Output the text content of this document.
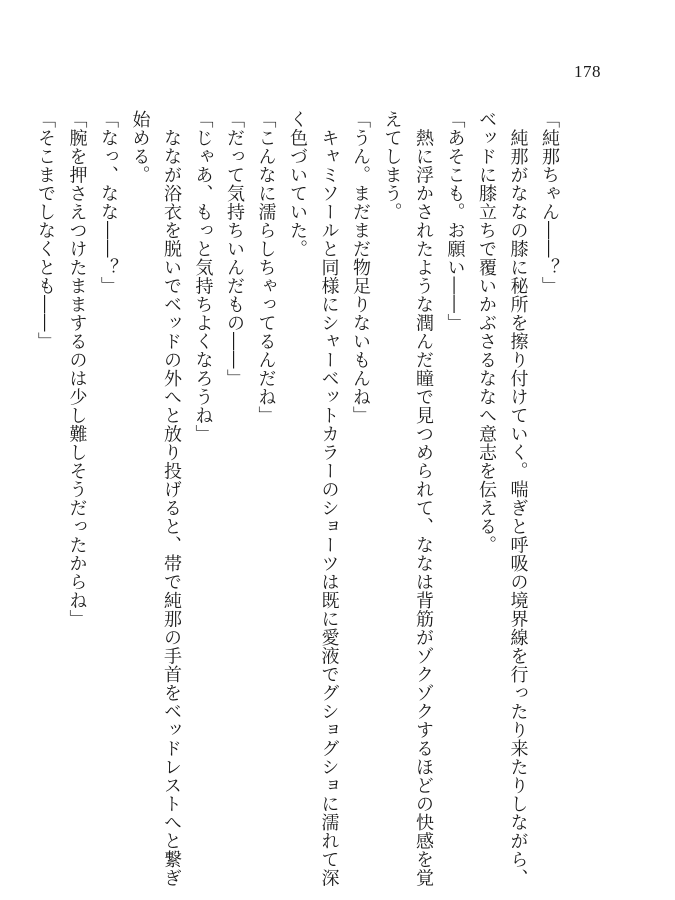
178
「純那ちゃん――？」
　純那がななの膝に秘所を擦り付けていく。喘ぎと呼吸の境界線を行ったり来たりしながら、
ベッドに膝立ちで覆いかぶさるななへ意志を伝える。
「あそこも。お願い――」
　熱に浮かされたような潤んだ瞳で見つめられて、ななは背筋がゾクゾクするほどの快感を覚
えてしまう。
「うん。まだまだ物足りないもんね」
　キャミソールと同様にシャーベットカラーのショーツは既に愛液でグショグショに濡れて深
く色づいていた。
「こんなに濡らしちゃってるんだね」
「だって気持ちいんだもの――」
「じゃあ、もっと気持ちよくなろうね」
　ななが浴衣を脱いでベッドの外へと放り投げると、帯で純那の手首をベッドレストへと繋ぎ
始める。
「なっ、なな――？」
「腕を押さえつけたままするのは少し難しそうだったからね」
「そこまでしなくとも――」
